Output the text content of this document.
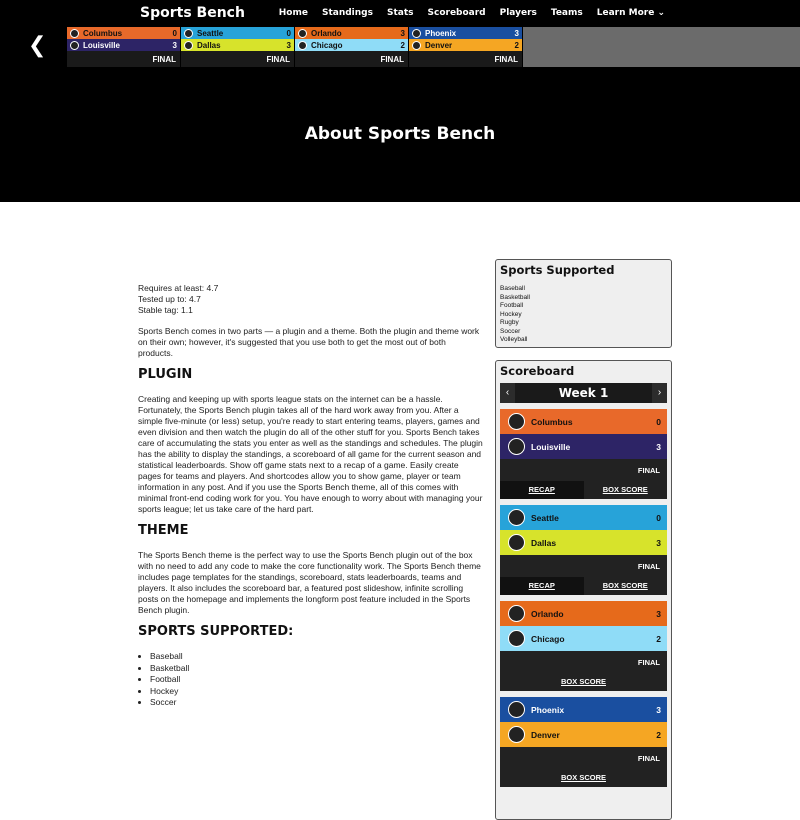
Sports Bench	Home Standings Stats Scoreboard Players Teams Learn More ⌄
❮	Columbus	0
Louisville	3
FINAL
Seattle	0
Dallas	3
FINAL
Orlando	3
Chicago	2
FINAL
Phoenix	3
Denver	2
FINAL
About Sports Bench

Requires at least: 4.7
Tested up to: 4.7
Stable tag: 1.1

Sports Bench comes in two parts — a plugin and a theme. Both the plugin and theme work on their own; however, it's suggested that you use both to get the most out of both products.

PLUGIN

Creating and keeping up with sports league stats on the internet can be a hassle. Fortunately, the Sports Bench plugin takes all of the hard work away from you. After a simple five-minute (or less) setup, you're ready to start entering teams, players, games and even division and then watch the plugin do all of the other stuff for you. Sports Bench takes care of accumulating the stats you enter as well as the standings and schedules. The plugin has the ability to display the standings, a scoreboard of all game for the current season and statistical leaderboards. Show off game stats next to a recap of a game. Easily create pages for teams and players. And shortcodes allow you to show game, player or team information in any post. And if you use the Sports Bench theme, all of this comes with minimal front-end coding work for you. You have enough to worry about with managing your sports league; let us take care of the hard part.

THEME

The Sports Bench theme is the perfect way to use the Sports Bench plugin out of the box with no need to add any code to make the core functionality work. The Sports Bench theme includes page templates for the standings, scoreboard, stats leaderboards, teams and players. It also includes the scoreboard bar, a featured post slideshow, infinite scrolling posts on the homepage and implements the longform post feature included in the Sports Bench plugin.

SPORTS SUPPORTED:
• Baseball
• Basketball
• Football
• Hockey
• Soccer
Sports Supported
Baseball
Basketball
Football
Hockey
Rugby
Soccer
Volleyball
Scoreboard
‹	Week 1	›
Columbus	0
Louisville	3
FINAL
RECAP	BOX SCORE
Seattle	0
Dallas	3
FINAL
RECAP	BOX SCORE
Orlando	3
Chicago	2
FINAL
BOX SCORE
Phoenix	3
Denver	2
FINAL
BOX SCORE
